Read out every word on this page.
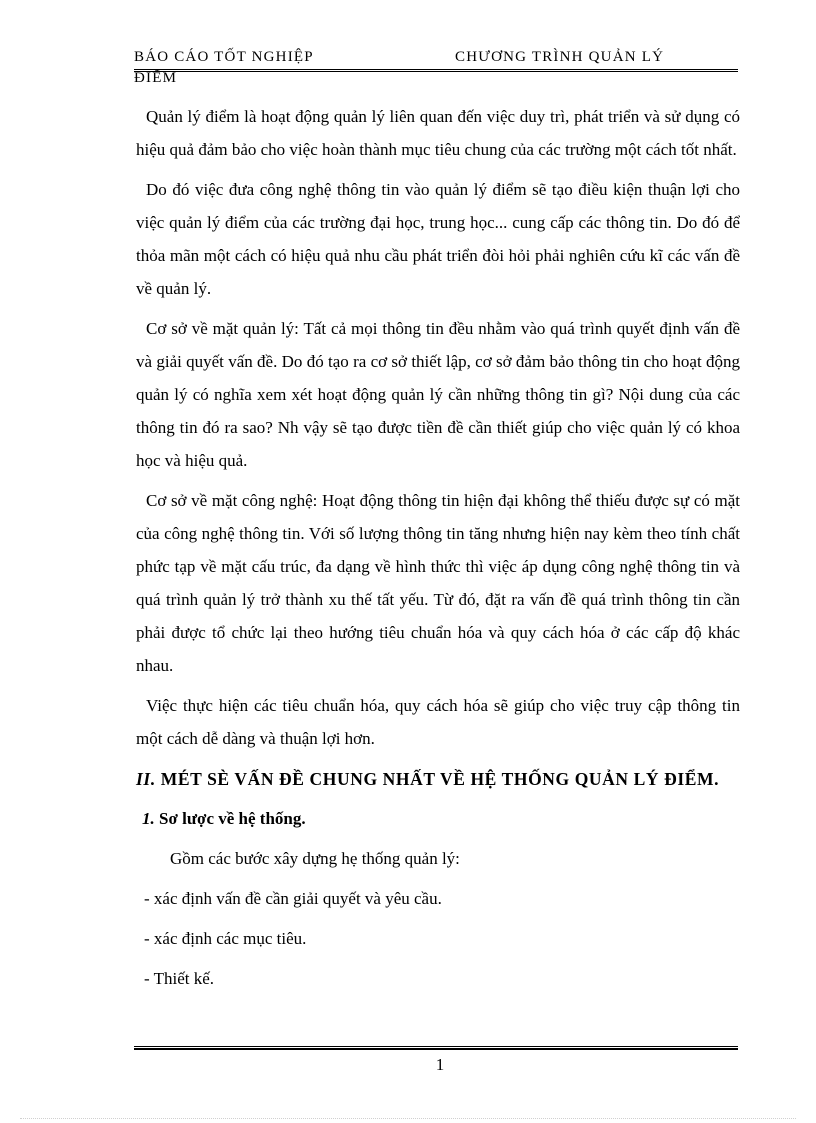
BÁO CÁO TỐT NGHIỆP	CHƯƠNG TRÌNH QUẢN LÝ
ĐIỂM

Quản lý điểm là hoạt động quản lý liên quan đến việc duy trì, phát triển và sử dụng có hiệu quả đảm bảo cho việc hoàn thành mục tiêu chung của các trường một cách tốt nhất.

Do đó việc đưa công nghệ thông tin vào quản lý điểm sẽ tạo điều kiện thuận lợi cho việc quản lý điểm của các trường đại học, trung học... cung cấp các thông tin. Do đó để thỏa mãn một cách có hiệu quả nhu cầu phát triển đòi hỏi phải nghiên cứu kĩ các vấn đề về quản lý.

Cơ sở về mặt quản lý: Tất cả mọi thông tin đều nhằm vào quá trình quyết định vấn đề và giải quyết vấn đề. Do đó tạo ra cơ sở thiết lập, cơ sở đảm bảo thông tin cho hoạt động quản lý có nghĩa xem xét hoạt động quản lý cần những thông tin gì? Nội dung của các thông tin đó ra sao? Nh vậy sẽ tạo được tiền đề cần thiết giúp cho việc quản lý có khoa học và hiệu quả.

Cơ sở về mặt công nghệ: Hoạt động thông tin hiện đại không thể thiếu được sự có mặt của công nghệ thông tin. Với số lượng thông tin tăng nhưng hiện nay kèm theo tính chất phức tạp về mặt cấu trúc, đa dạng về hình thức thì việc áp dụng công nghệ thông tin và quá trình quản lý trở thành xu thế tất yếu. Từ đó, đặt ra vấn đề quá trình thông tin cần phải được tổ chức lại theo hướng tiêu chuẩn hóa và quy cách hóa ở các cấp độ khác nhau.

Việc thực hiện các tiêu chuẩn hóa, quy cách hóa sẽ giúp cho việc truy cập thông tin một cách dễ dàng và thuận lợi hơn.

II. MÉT SÈ VẤN ĐỀ CHUNG NHẤT VỀ HỆ THỐNG QUẢN LÝ ĐIỂM.
1. Sơ lược về hệ thống.

Gồm các bước xây dựng hẹ thống quản lý:

- xác định vấn đề cần giải quyết và yêu cầu.

- xác định các mục tiêu.

- Thiết kế.

1
